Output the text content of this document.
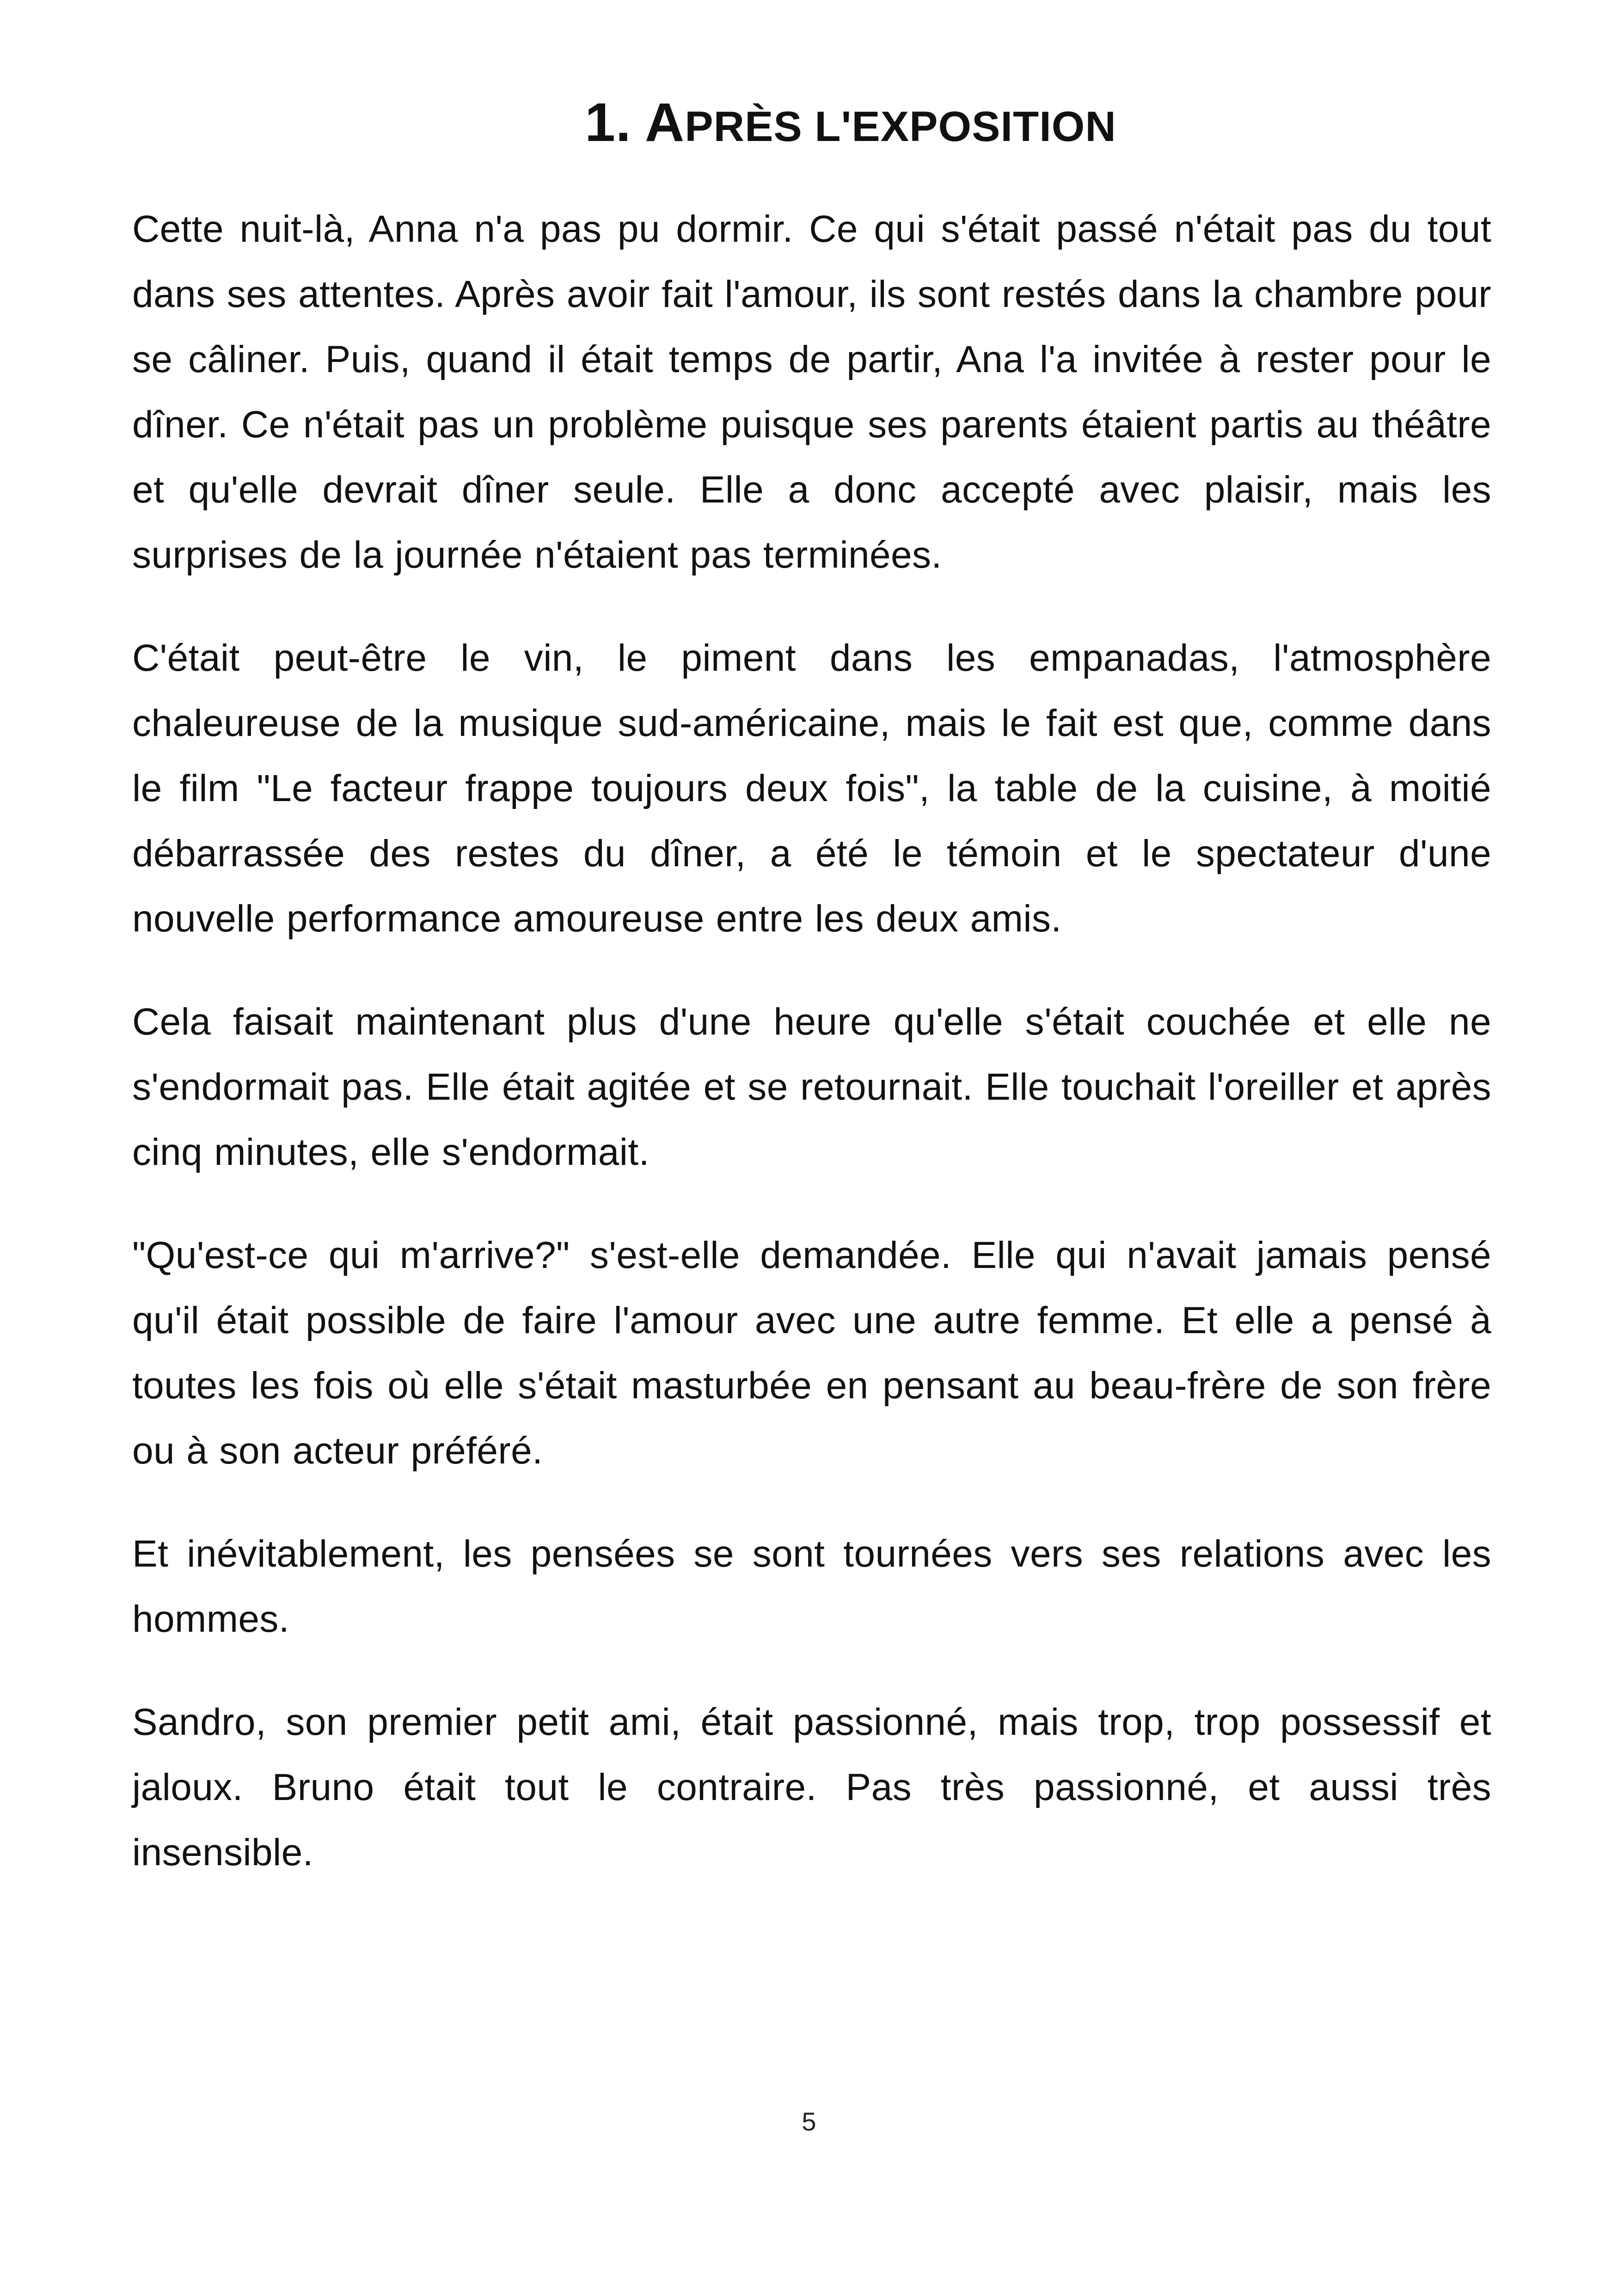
1. APRÈS L'EXPOSITION

Cette nuit-là, Anna n'a pas pu dormir. Ce qui s'était passé n'était pas du tout dans ses attentes. Après avoir fait l'amour, ils sont restés dans la chambre pour se câliner. Puis, quand il était temps de partir, Ana l'a invitée à rester pour le dîner. Ce n'était pas un problème puisque ses parents étaient partis au théâtre et qu'elle devrait dîner seule. Elle a donc accepté avec plaisir, mais les surprises de la journée n'étaient pas terminées.

C'était peut-être le vin, le piment dans les empanadas, l'atmosphère chaleureuse de la musique sud-américaine, mais le fait est que, comme dans le film "Le facteur frappe toujours deux fois", la table de la cuisine, à moitié débarrassée des restes du dîner, a été le témoin et le spectateur d'une nouvelle performance amoureuse entre les deux amis.

Cela faisait maintenant plus d'une heure qu'elle s'était couchée et elle ne s'endormait pas. Elle était agitée et se retournait. Elle touchait l'oreiller et après cinq minutes, elle s'endormait.

"Qu'est-ce qui m'arrive?" s'est-elle demandée. Elle qui n'avait jamais pensé qu'il était possible de faire l'amour avec une autre femme. Et elle a pensé à toutes les fois où elle s'était masturbée en pensant au beau-frère de son frère ou à son acteur préféré.

Et inévitablement, les pensées se sont tournées vers ses relations avec les hommes.

Sandro, son premier petit ami, était passionné, mais trop, trop possessif et jaloux. Bruno était tout le contraire. Pas très passionné, et aussi très insensible.

5
